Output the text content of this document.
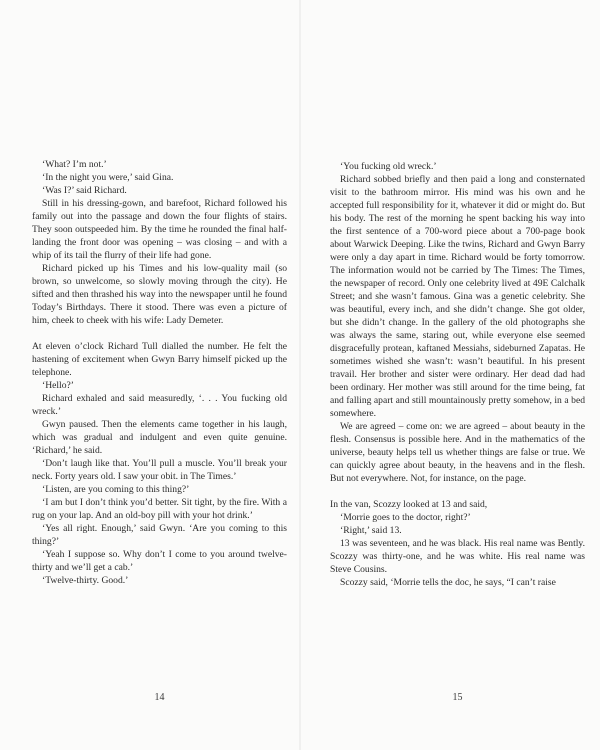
‘What? I’m not.’

‘In the night you were,’ said Gina.

‘Was I?’ said Richard.

Still in his dressing-gown, and barefoot, Richard followed his family out into the passage and down the four flights of stairs. They soon outspeeded him. By the time he rounded the final half-landing the front door was opening – was closing – and with a whip of its tail the flurry of their life had gone.

Richard picked up his Times and his low-quality mail (so brown, so unwelcome, so slowly moving through the city). He sifted and then thrashed his way into the newspaper until he found Today’s Birthdays. There it stood. There was even a picture of him, cheek to cheek with his wife: Lady Demeter.

At eleven o’clock Richard Tull dialled the number. He felt the hastening of excitement when Gwyn Barry himself picked up the telephone.

‘Hello?’

Richard exhaled and said measuredly, ‘. . . You fucking old wreck.’

Gwyn paused. Then the elements came together in his laugh, which was gradual and indulgent and even quite genuine. ‘Richard,’ he said.

‘Don’t laugh like that. You’ll pull a muscle. You’ll break your neck. Forty years old. I saw your obit. in The Times.’

‘Listen, are you coming to this thing?’

‘I am but I don’t think you’d better. Sit tight, by the fire. With a rug on your lap. And an old-boy pill with your hot drink.’

‘Yes all right. Enough,’ said Gwyn. ‘Are you coming to this thing?’

‘Yeah I suppose so. Why don’t I come to you around twelve-thirty and we’ll get a cab.’

‘Twelve-thirty. Good.’

‘You fucking old wreck.’

Richard sobbed briefly and then paid a long and consternated visit to the bathroom mirror. His mind was his own and he accepted full responsibility for it, whatever it did or might do. But his body. The rest of the morning he spent backing his way into the first sentence of a 700-word piece about a 700-page book about Warwick Deeping. Like the twins, Richard and Gwyn Barry were only a day apart in time. Richard would be forty tomorrow. The information would not be carried by The Times: The Times, the newspaper of record. Only one celebrity lived at 49E Calchalk Street; and she wasn’t famous. Gina was a genetic celebrity. She was beautiful, every inch, and she didn’t change. She got older, but she didn’t change. In the gallery of the old photographs she was always the same, staring out, while everyone else seemed disgracefully protean, kaftaned Messiahs, sideburned Zapatas. He sometimes wished she wasn’t: wasn’t beautiful. In his present travail. Her brother and sister were ordinary. Her dead dad had been ordinary. Her mother was still around for the time being, fat and falling apart and still mountainously pretty somehow, in a bed somewhere.

We are agreed – come on: we are agreed – about beauty in the flesh. Consensus is possible here. And in the mathematics of the universe, beauty helps tell us whether things are false or true. We can quickly agree about beauty, in the heavens and in the flesh. But not everywhere. Not, for instance, on the page.

In the van, Scozzy looked at 13 and said,

‘Morrie goes to the doctor, right?’

‘Right,’ said 13.

13 was seventeen, and he was black. His real name was Bently. Scozzy was thirty-one, and he was white. His real name was Steve Cousins.

Scozzy said, ‘Morrie tells the doc, he says, “I can’t raise

14	15
